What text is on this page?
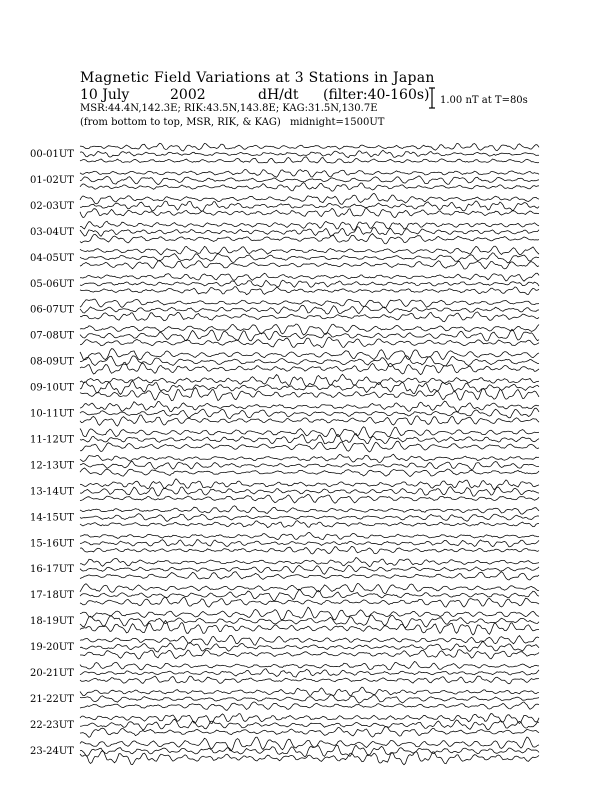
Magnetic Field Variations at 3 Stations in Japan
10 July	2002	dH/dt (filter:40-160s)
MSR:44.4N,142.3E; RIK:43.5N,143.8E; KAG:31.5N,130.7E
(from bottom to top, MSR, RIK, & KAG) midnight=1500UT
1.00 nT at T=80s
00-01UT
01-02UT
02-03UT
03-04UT
04-05UT
05-06UT
06-07UT
07-08UT
08-09UT
09-10UT
10-11UT
11-12UT
12-13UT
13-14UT
14-15UT
15-16UT
16-17UT
17-18UT
18-19UT
19-20UT
20-21UT
21-22UT
22-23UT
23-24UT
